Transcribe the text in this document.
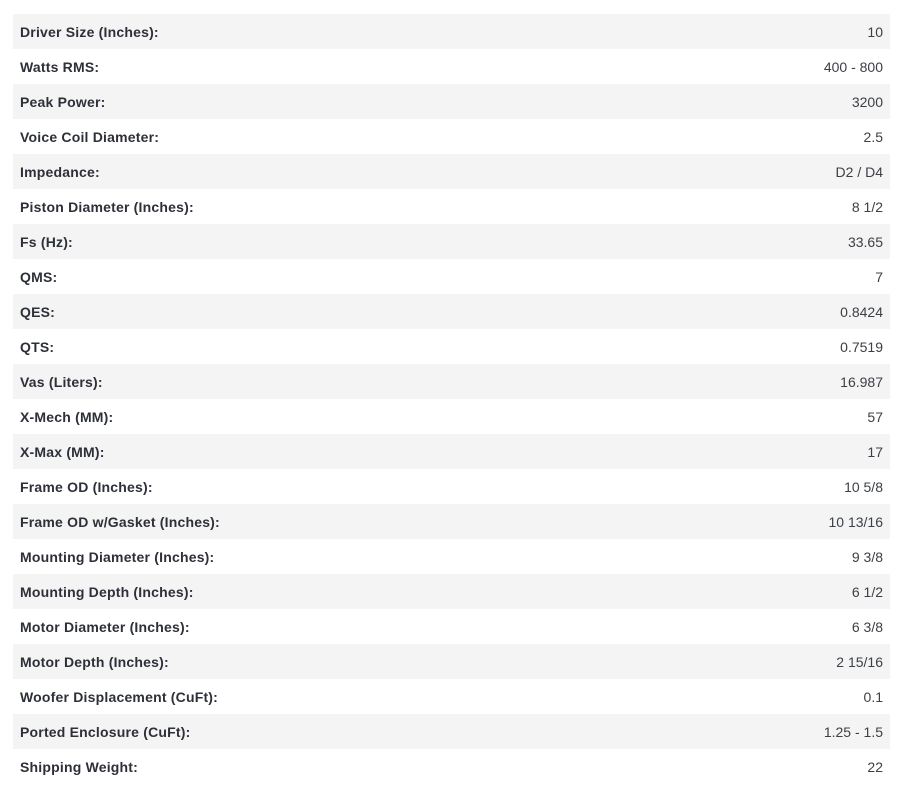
Driver Size (Inches):	10
Watts RMS:	400 - 800
Peak Power:	3200
Voice Coil Diameter:	2.5
Impedance:	D2 / D4
Piston Diameter (Inches):	8 1/2
Fs (Hz):	33.65
QMS:	7
QES:	0.8424
QTS:	0.7519
Vas (Liters):	16.987
X-Mech (MM):	57
X-Max (MM):	17
Frame OD (Inches):	10 5/8
Frame OD w/Gasket (Inches):	10 13/16
Mounting Diameter (Inches):	9 3/8
Mounting Depth (Inches):	6 1/2
Motor Diameter (Inches):	6 3/8
Motor Depth (Inches):	2 15/16
Woofer Displacement (CuFt):	0.1
Ported Enclosure (CuFt):	1.25 - 1.5
Shipping Weight:	22
